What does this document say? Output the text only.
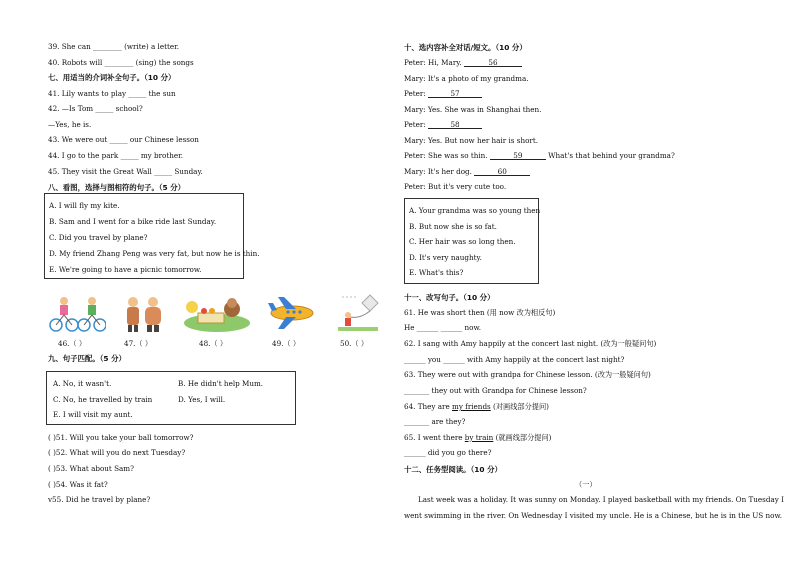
39. She can ________ (write) a letter.
40. Robots will ________ (sing) the songs
七、用适当的介词补全句子。（10 分）
41. Lily wants to play _____ the sun
42. —Is Tom _____ school?
—Yes, he is.
43. We were out _____ our Chinese lesson
44. I go to the park _____ my brother.
45. They visit the Great Wall _____ Sunday.
八、看图，选择与图相符的句子。（5 分）
A. I will fly my kite.
B. Sam and I went for a bike ride last Sunday.
C. Did you travel by plane?
D. My friend Zhang Peng was very fat, but now he is thin.
E. We're going to have a picnic tomorrow.
46.（ ）	47.（ ）	48.（ ）	49.（ ）	50.（ ）
九、句子匹配。（5 分）
A. No, it wasn't.	B. He didn't help Mum.
C. No, he travelled by train	D. Yes, I will.
E. I will visit my aunt.
( )51. Will you take your ball tomorrow?
( )52. What will you do next Tuesday?
( )53. What about Sam?
( )54. Was it fat?
v55. Did he travel by plane?
十、选内容补全对话/短文。（10 分）
Peter: Hi, Mary.	56
Mary: It's a photo of my grandma.
Peter:	57
Mary: Yes. She was in Shanghai then.
Peter:	58
Mary: Yes. But now her hair is short.
Peter: She was so thin.	59	What's that behind your grandma?
Mary: It's her dog.	60
Peter: But it's very cute too.
A. Your grandma was so young then
B. But now she is so fat.
C. Her hair was so long then.
D. It's very naughty.
E. What's this?
十一、改写句子。（10 分）
61. He was short then (用 now 改为相反句)
He ______ ______ now.
62. I sang with Amy happily at the concert last night. (改为一般疑问句)
______ you ______ with Amy happily at the concert last night?
63. They were out with grandpa for Chinese lesson. (改为一般疑问句)
_______ they out with Grandpa for Chinese lesson?
64. They are my friends (对画线部分提问)
_______ are they?
65. I went there by train (就画线部分提问)
______ did you go there?
十二、任务型阅读。（10 分）
（一）
Last week was a holiday. It was sunny on Monday. I played basketball with my friends. On Tuesday I
went swimming in the river. On Wednesday I visited my uncle. He is a Chinese, but he is in the US now.
